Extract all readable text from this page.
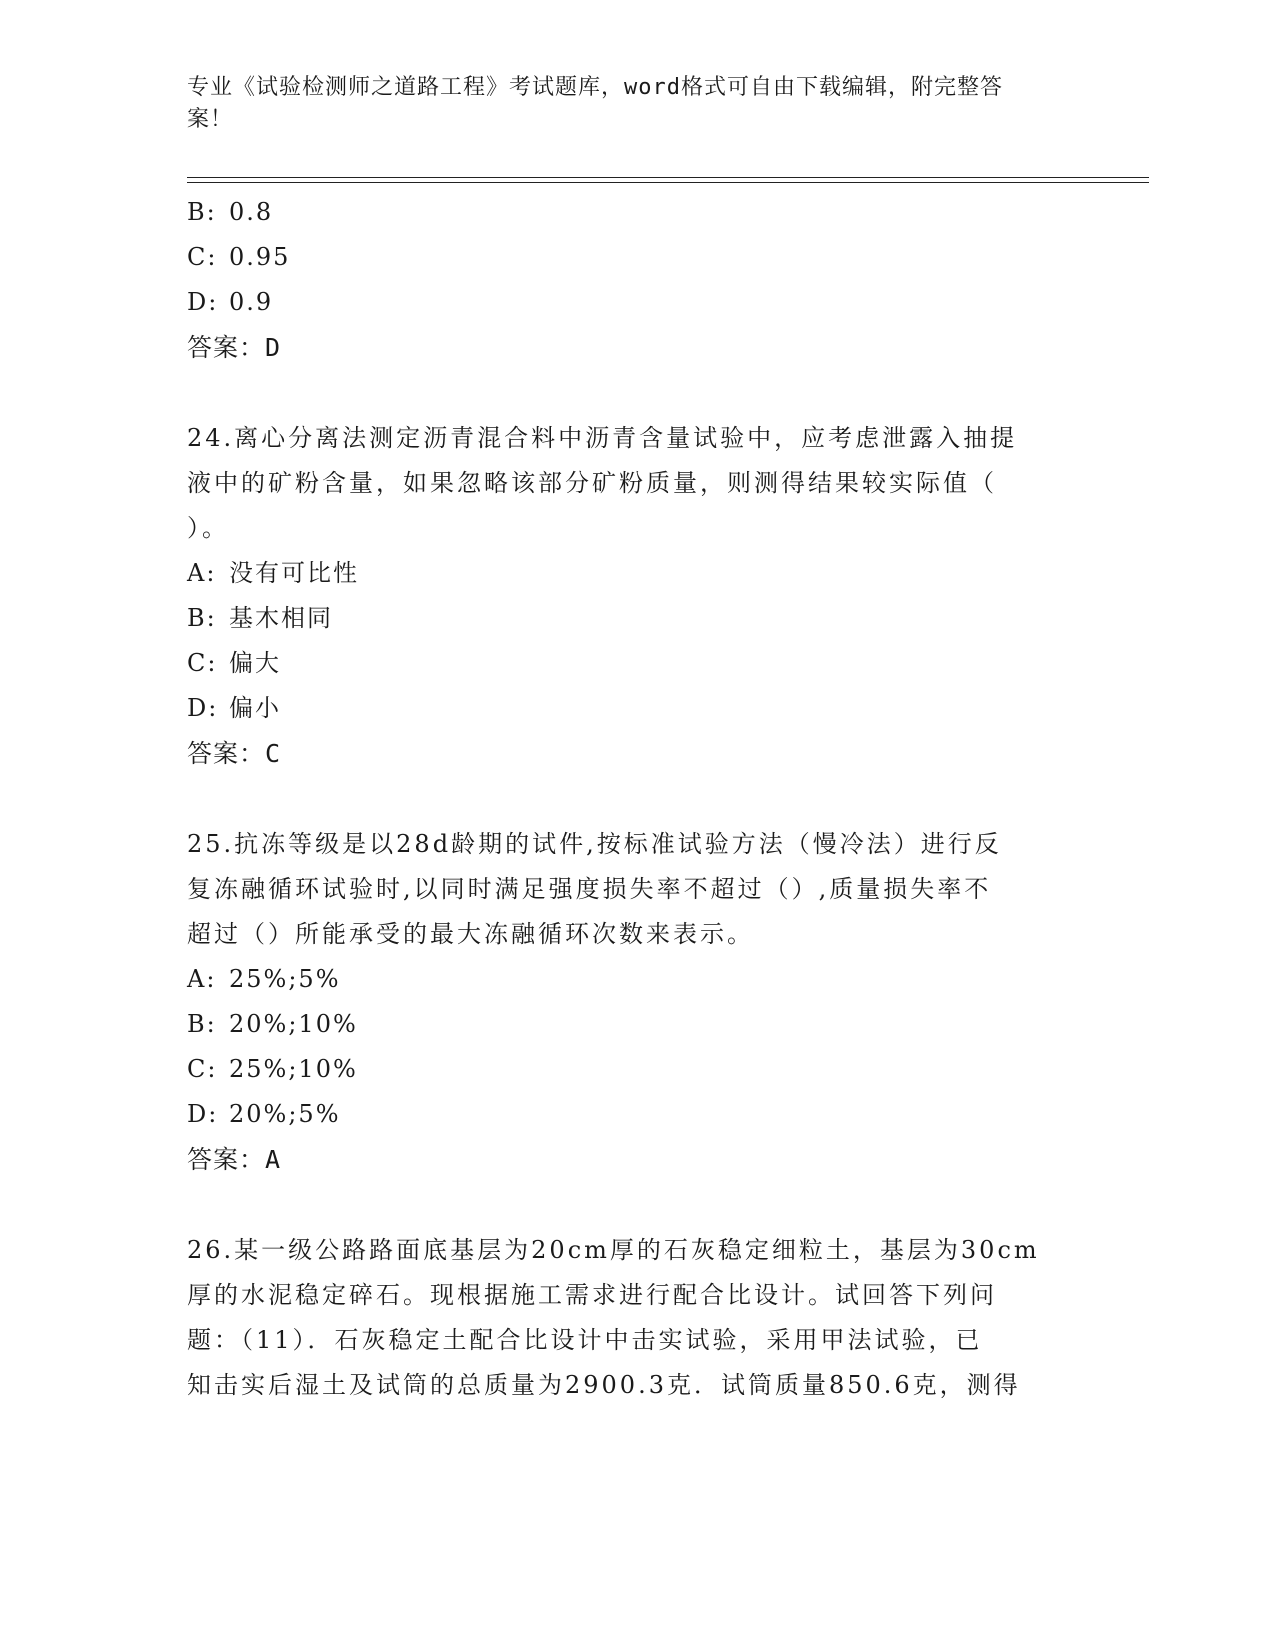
专业《试验检测师之道路工程》考试题库，word格式可自由下载编辑，附完整答
案！
B: 0.8
C: 0.95
D: 0.9
答案：D
24.离心分离法测定沥青混合料中沥青含量试验中，应考虑泄露入抽提
液中的矿粉含量，如果忽略该部分矿粉质量，则测得结果较实际值（
）。
A: 没有可比性
B: 基木相同
C: 偏大
D: 偏小
答案：C
25.抗冻等级是以28d龄期的试件,按标准试验方法（慢冷法）进行反
复冻融循环试验时,以同时满足强度损失率不超过（）,质量损失率不
超过（）所能承受的最大冻融循环次数来表示。
A: 25%;5%
B: 20%;10%
C: 25%;10%
D: 20%;5%
答案：A
26.某一级公路路面底基层为20cm厚的石灰稳定细粒土，基层为30cm
厚的水泥稳定碎石。现根据施工需求进行配合比设计。试回答下列问
题：（11）．石灰稳定土配合比设计中击实试验，采用甲法试验，已
知击实后湿土及试筒的总质量为2900.3克．试筒质量850.6克，测得
